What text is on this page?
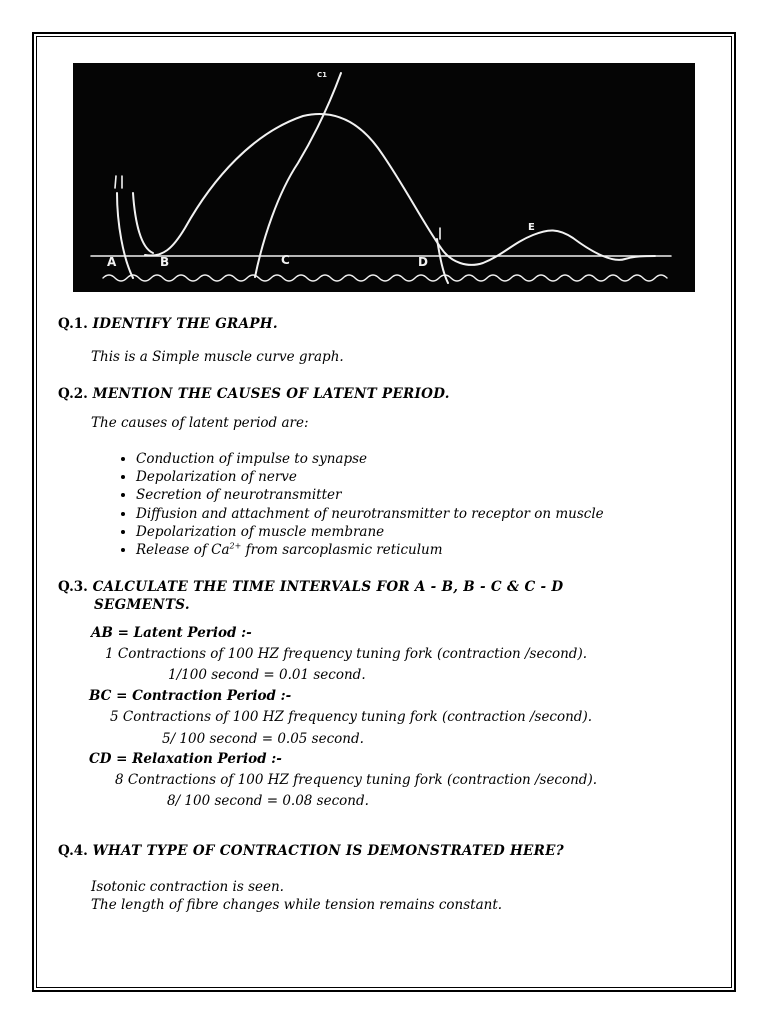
A	B	C	D
E
C1
Q.1. IDENTIFY THE GRAPH.
This is a Simple muscle curve graph.
Q.2. MENTION THE CAUSES OF LATENT PERIOD.
The causes of latent period are:
• Conduction of impulse to synapse
• Depolarization of nerve
• Secretion of neurotransmitter
• Diffusion and attachment of neurotransmitter to receptor on muscle
• Depolarization of muscle membrane
• Release of $Ca^{2+}$ from sarcoplasmic reticulum
Q.3. CALCULATE THE TIME INTERVALS FOR A - B, B - C & C - D
SEGMENTS.
AB = Latent Period :-
1 Contractions of 100 HZ frequency tuning fork (contraction /second).
1/100 second = 0.01 second.
BC = Contraction Period :-
5 Contractions of 100 HZ frequency tuning fork (contraction /second).
5/ 100 second = 0.05 second.
CD = Relaxation Period :-
8 Contractions of 100 HZ frequency tuning fork (contraction /second).
8/ 100 second = 0.08 second.
Q.4. WHAT TYPE OF CONTRACTION IS DEMONSTRATED HERE?
Isotonic contraction is seen.
The length of fibre changes while tension remains constant.
